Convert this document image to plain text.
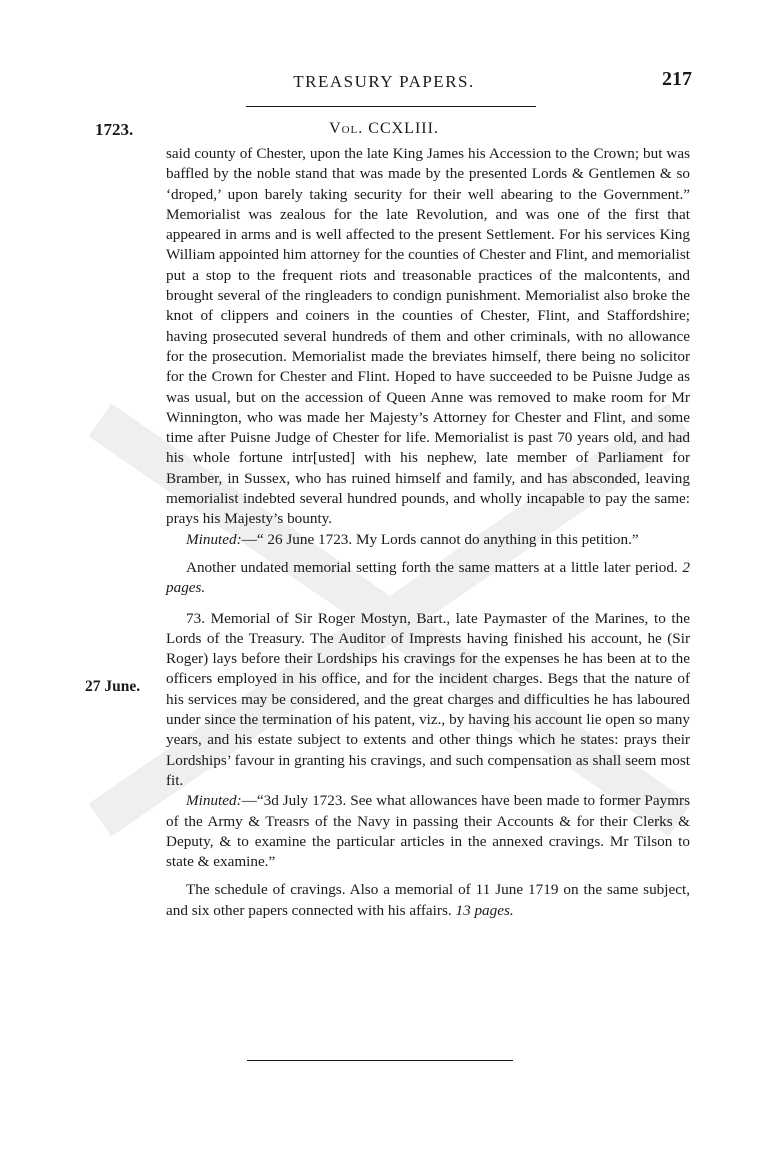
TREASURY PAPERS.	217
1723.	Vol. CCXLIII.
27 June.

said county of Chester, upon the late King James his Accession to the Crown; but was baffled by the noble stand that was made by the presented Lords & Gentlemen & so ‘droped,’ upon barely taking security for their well abearing to the Government.” Memorialist was zealous for the late Revolution, and was one of the first that appeared in arms and is well affected to the present Settlement. For his services King William appointed him attorney for the counties of Chester and Flint, and memorialist put a stop to the frequent riots and treasonable practices of the malcontents, and brought several of the ringleaders to condign punishment. Memorialist also broke the knot of clippers and coiners in the counties of Chester, Flint, and Staffordshire; having prosecuted several hundreds of them and other criminals, with no allowance for the prosecution. Memorialist made the breviates himself, there being no solicitor for the Crown for Chester and Flint. Hoped to have succeeded to be Puisne Judge as was usual, but on the accession of Queen Anne was removed to make room for Mr Winnington, who was made her Majesty’s Attorney for Chester and Flint, and some time after Puisne Judge of Chester for life. Memorialist is past 70 years old, and had his whole fortune intr[usted] with his nephew, late member of Parliament for Bramber, in Sussex, who has ruined himself and family, and has absconded, leaving memorialist indebted several hundred pounds, and wholly incapable to pay the same: prays his Majesty’s bounty.

Minuted:—“ 26 June 1723. My Lords cannot do anything in this petition.”

Another undated memorial setting forth the same matters at a little later period. 2 pages.

73. Memorial of Sir Roger Mostyn, Bart., late Paymaster of the Marines, to the Lords of the Treasury. The Auditor of Imprests having finished his account, he (Sir Roger) lays before their Lordships his cravings for the expenses he has been at to the officers employed in his office, and for the incident charges. Begs that the nature of his services may be considered, and the great charges and difficulties he has laboured under since the termination of his patent, viz., by having his account lie open so many years, and his estate subject to extents and other things which he states: prays their Lordships’ favour in granting his cravings, and such compensation as shall seem most fit.

Minuted:—“3d July 1723. See what allowances have been made to former Paymrs of the Army & Treasrs of the Navy in passing their Accounts & for their Clerks & Deputy, & to examine the particular articles in the annexed cravings. Mr Tilson to state & examine.”

The schedule of cravings. Also a memorial of 11 June 1719 on the same subject, and six other papers connected with his affairs. 13 pages.
